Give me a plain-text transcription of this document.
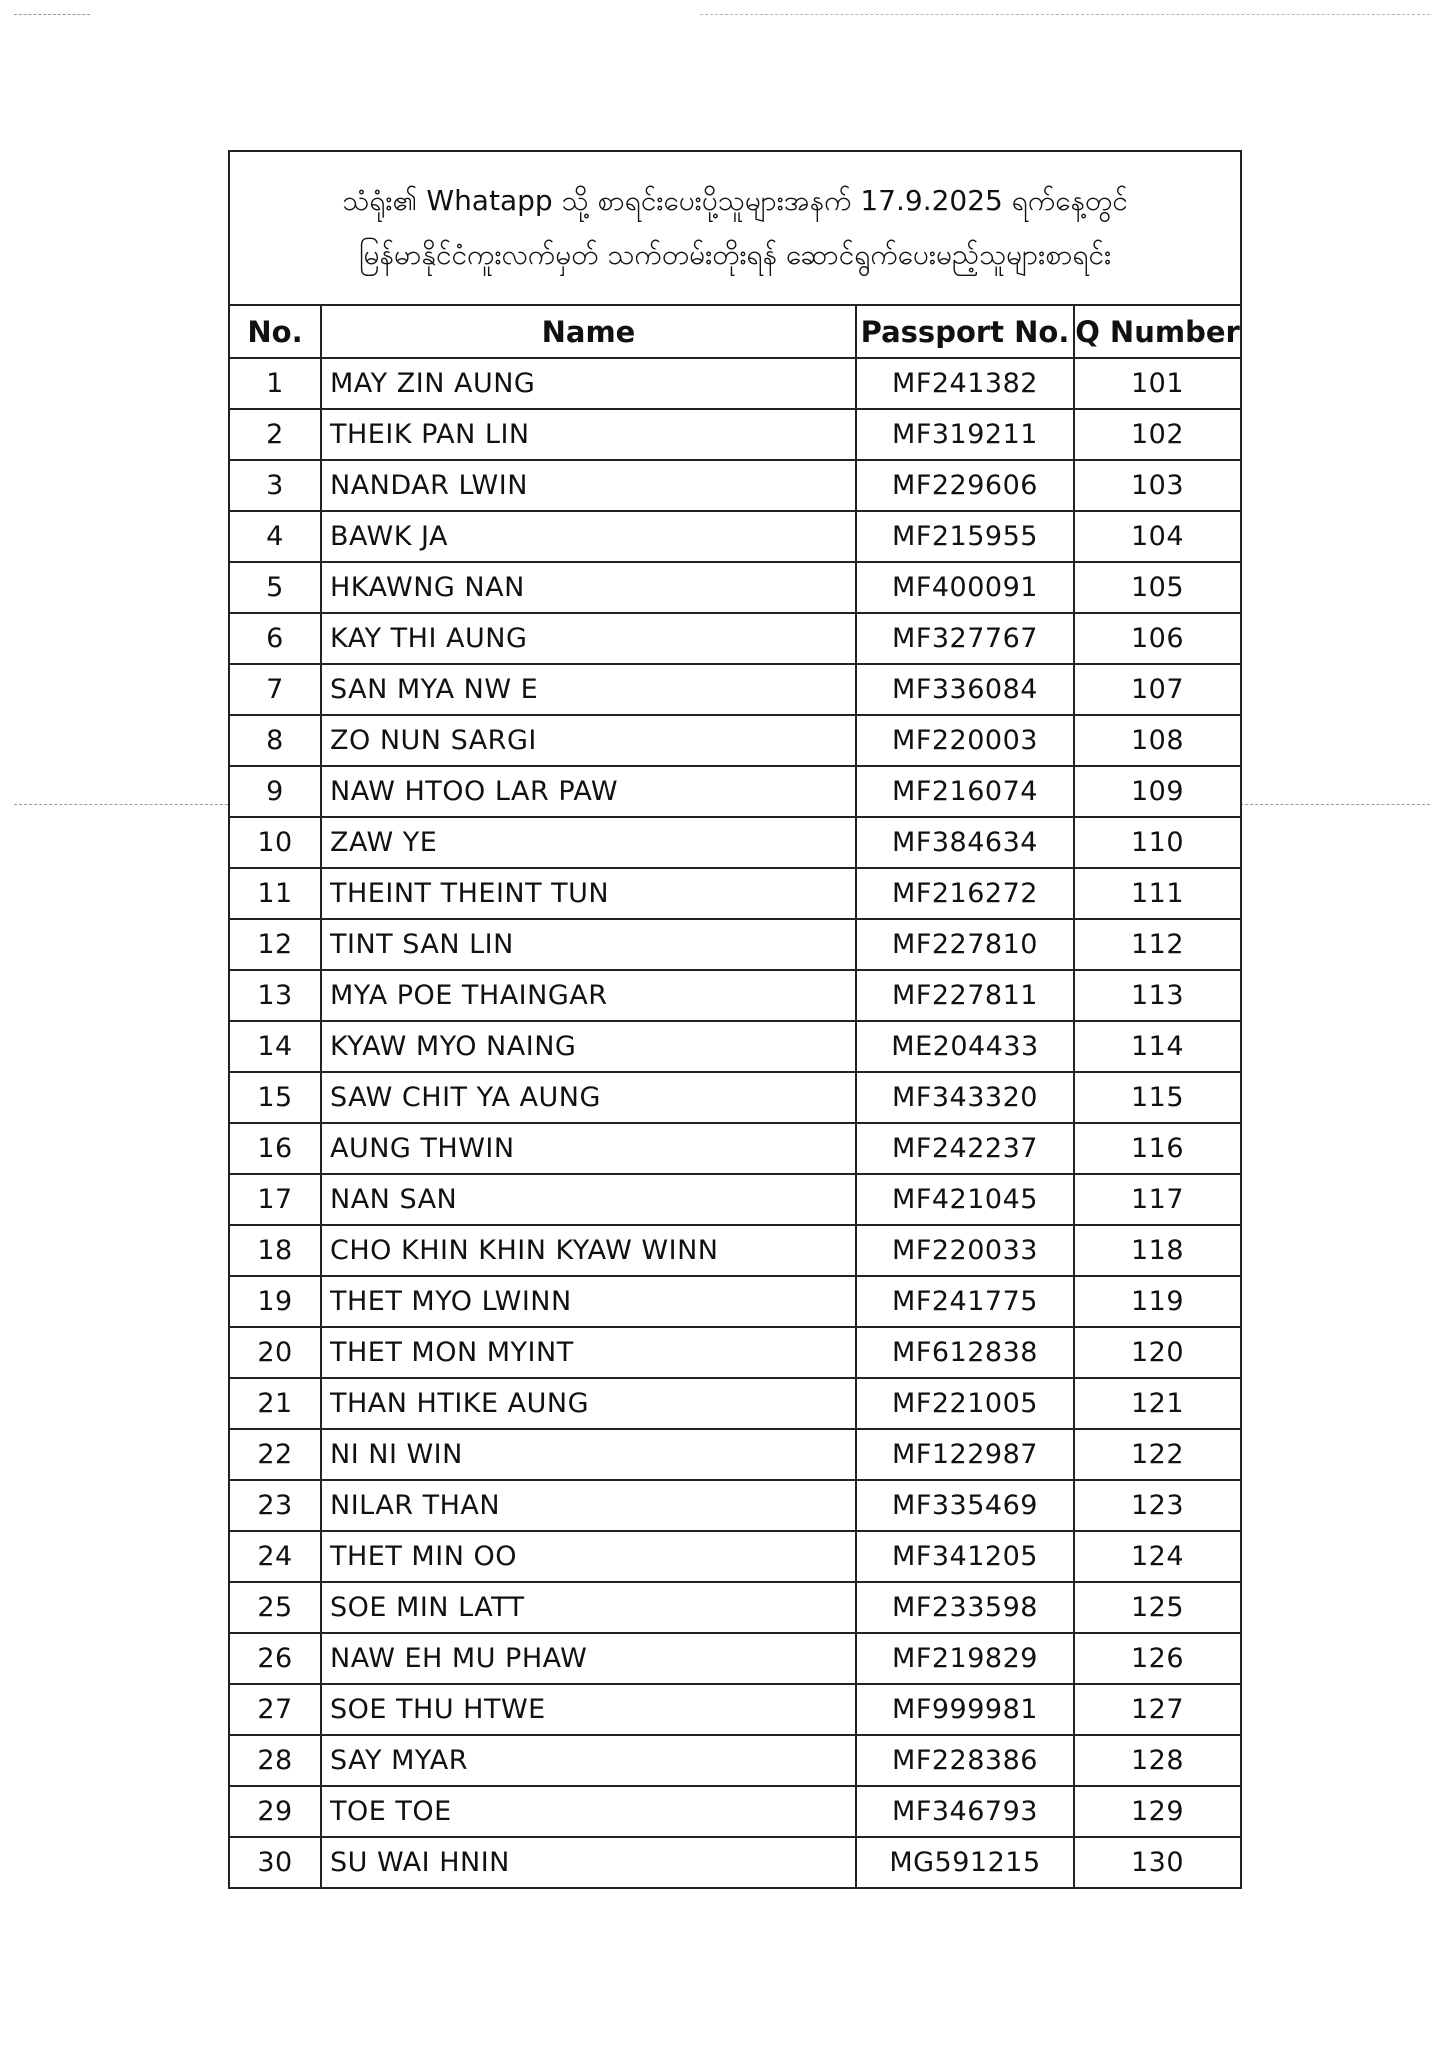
သံရုံး၏ Whatapp သို့ စာရင်းပေးပို့သူများအနက် 17.9.2025 ရက်နေ့တွင်
မြန်မာနိုင်ငံကူးလက်မှတ် သက်တမ်းတိုးရန် ဆောင်ရွက်ပေးမည့်သူများစာရင်း			

No.	Name	Passport No.	Q Number
1	MAY ZIN AUNG	MF241382	101
2	THEIK PAN LIN	MF319211	102
3	NANDAR LWIN	MF229606	103
4	BAWK JA	MF215955	104
5	HKAWNG NAN	MF400091	105
6	KAY THI AUNG	MF327767	106
7	SAN MYA NW E	MF336084	107
8	ZO NUN SARGI	MF220003	108
9	NAW HTOO LAR PAW	MF216074	109
10	ZAW YE	MF384634	110
11	THEINT THEINT TUN	MF216272	111
12	TINT SAN LIN	MF227810	112
13	MYA POE THAINGAR	MF227811	113
14	KYAW MYO NAING	ME204433	114
15	SAW CHIT YA AUNG	MF343320	115
16	AUNG THWIN	MF242237	116
17	NAN SAN	MF421045	117
18	CHO KHIN KHIN KYAW WINN	MF220033	118
19	THET MYO LWINN	MF241775	119
20	THET MON MYINT	MF612838	120
21	THAN HTIKE AUNG	MF221005	121
22	NI NI WIN	MF122987	122
23	NILAR THAN	MF335469	123
24	THET MIN OO	MF341205	124
25	SOE MIN LATT	MF233598	125
26	NAW EH MU PHAW	MF219829	126
27	SOE THU HTWE	MF999981	127
28	SAY MYAR	MF228386	128
29	TOE TOE	MF346793	129
30	SU WAI HNIN	MG591215	130
